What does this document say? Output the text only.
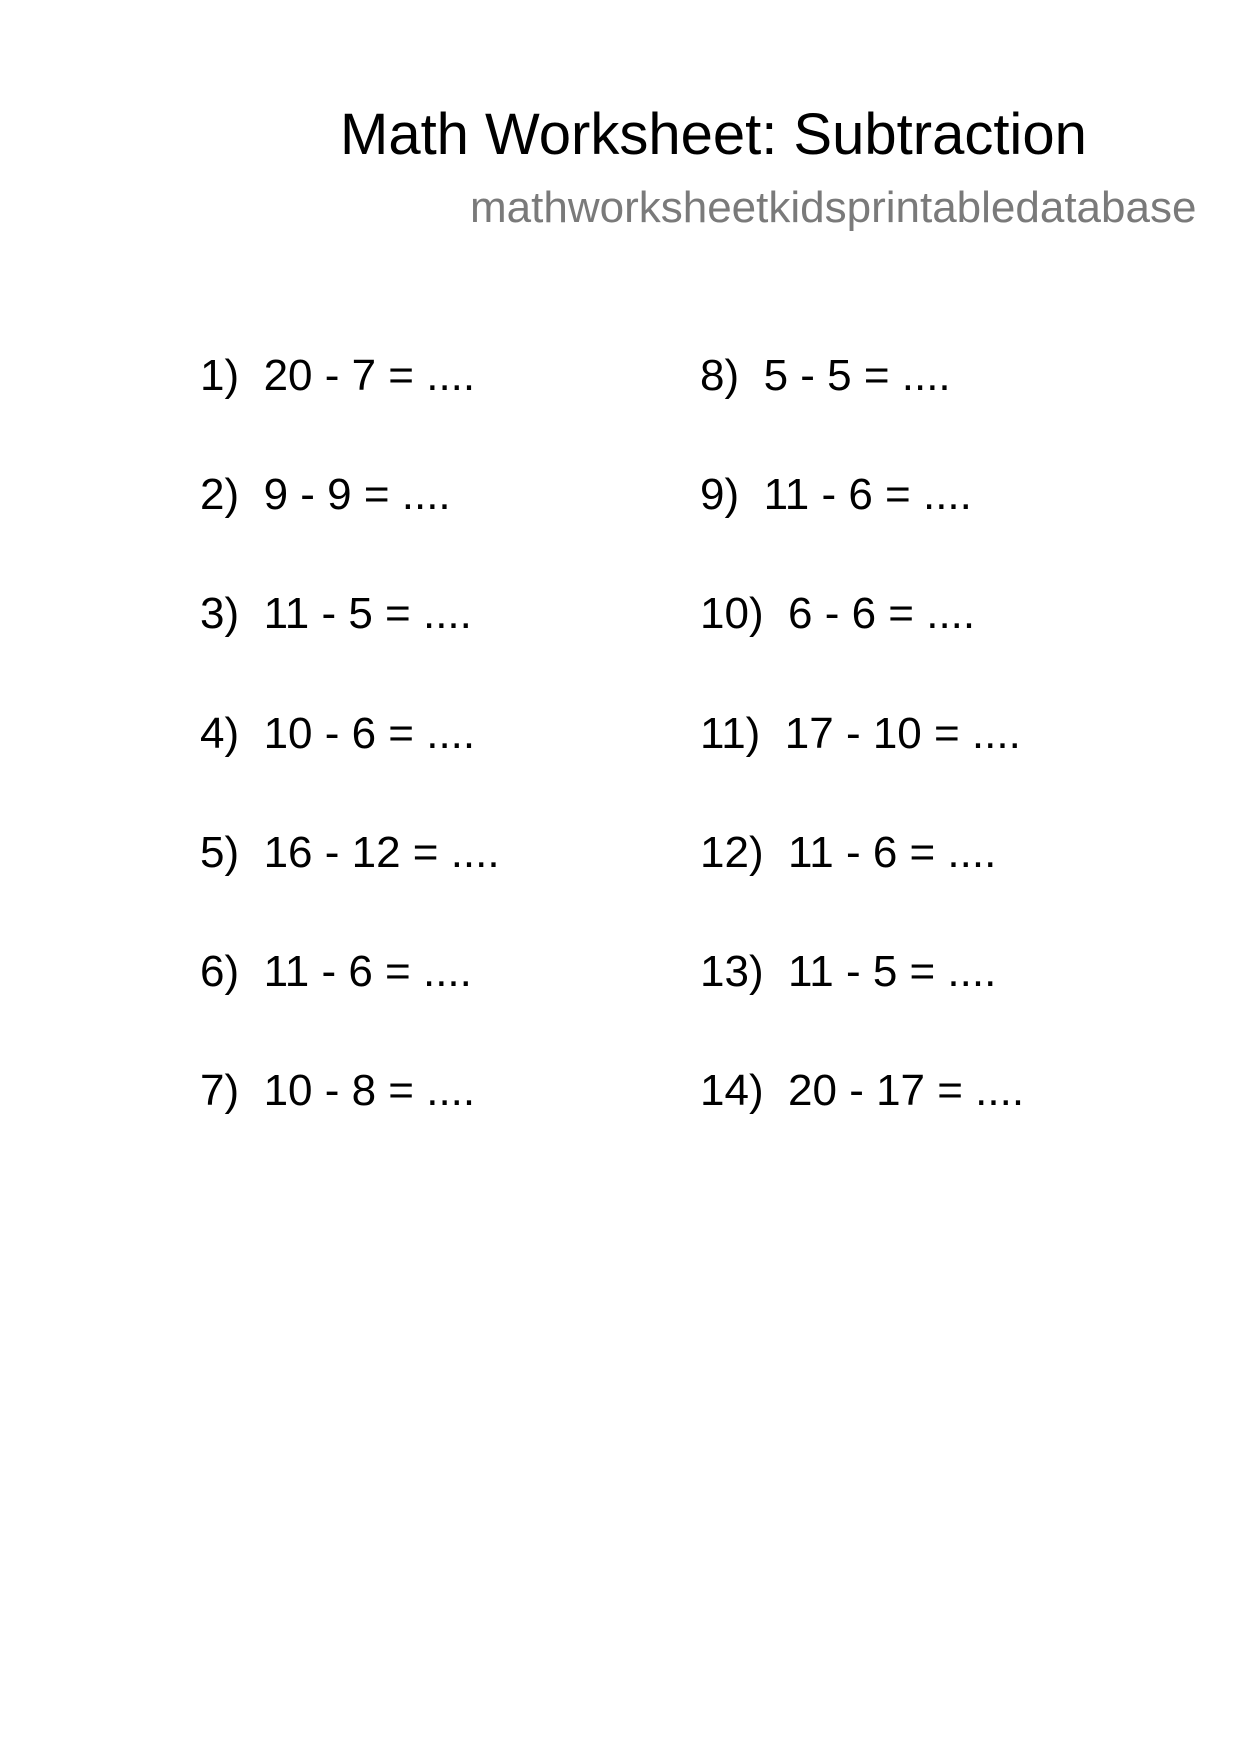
Math Worksheet: Subtraction
mathworksheetkidsprintabledatabase
1)  20 - 7 = ....
2)  9 - 9 = ....
3)  11 - 5 = ....
4)  10 - 6 = ....
5)  16 - 12 = ....
6)  11 - 6 = ....
7)  10 - 8 = ....
8)  5 - 5 = ....
9)  11 - 6 = ....
10)  6 - 6 = ....
11)  17 - 10 = ....
12)  11 - 6 = ....
13)  11 - 5 = ....
14)  20 - 17 = ....
